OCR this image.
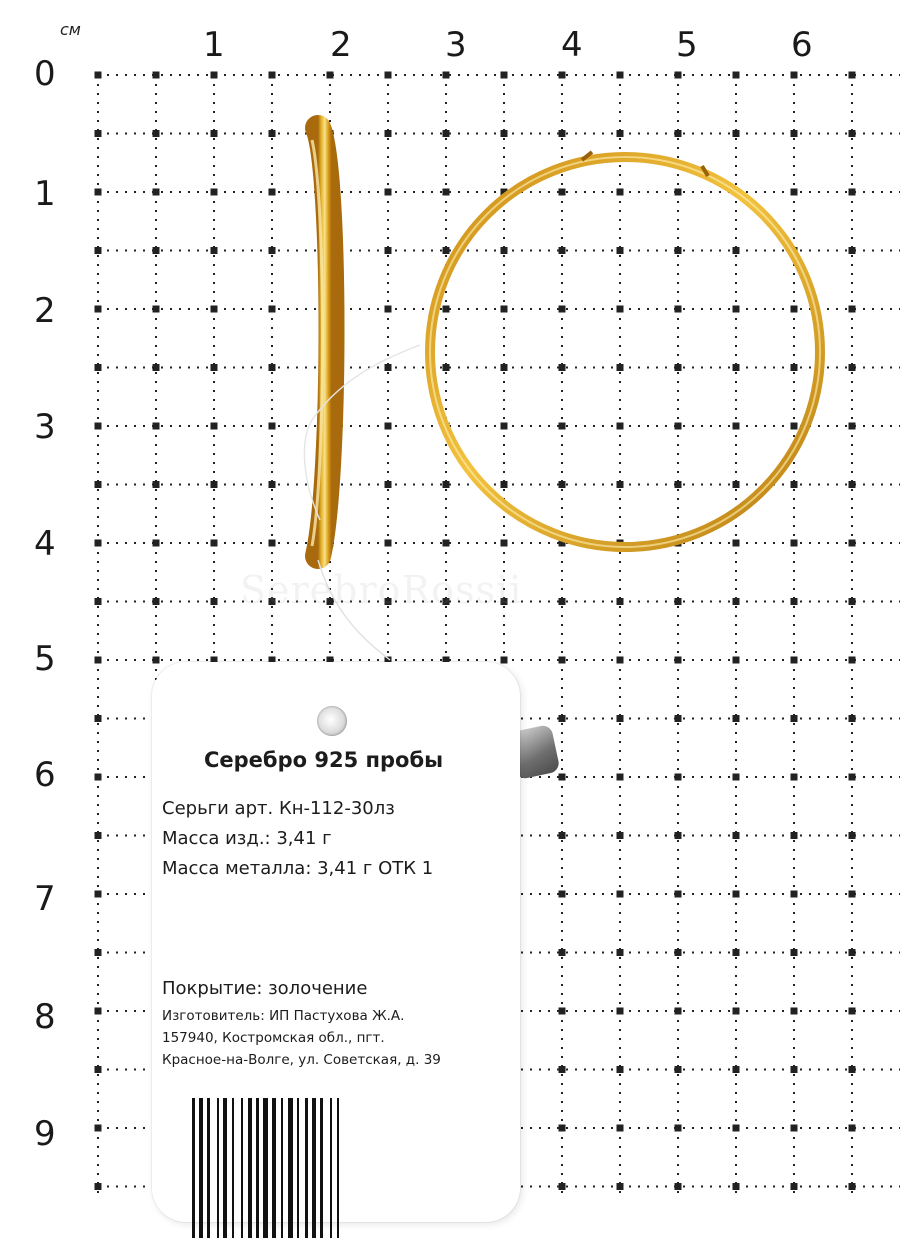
см	1	2	3	4	5	6
0
1
2
3
4
5
6
7
8
9
SerebroRossii
Серебро 925 пробы
Серьги арт. Кн-112-30лз
Масса изд.: 3,41 г
Масса металла: 3,41 г ОТК 1
Покрытие: золочение
Изготовитель: ИП Пастухова Ж.А.
157940, Костромская обл., пгт.
Красное-на-Волге, ул. Советская, д. 39
